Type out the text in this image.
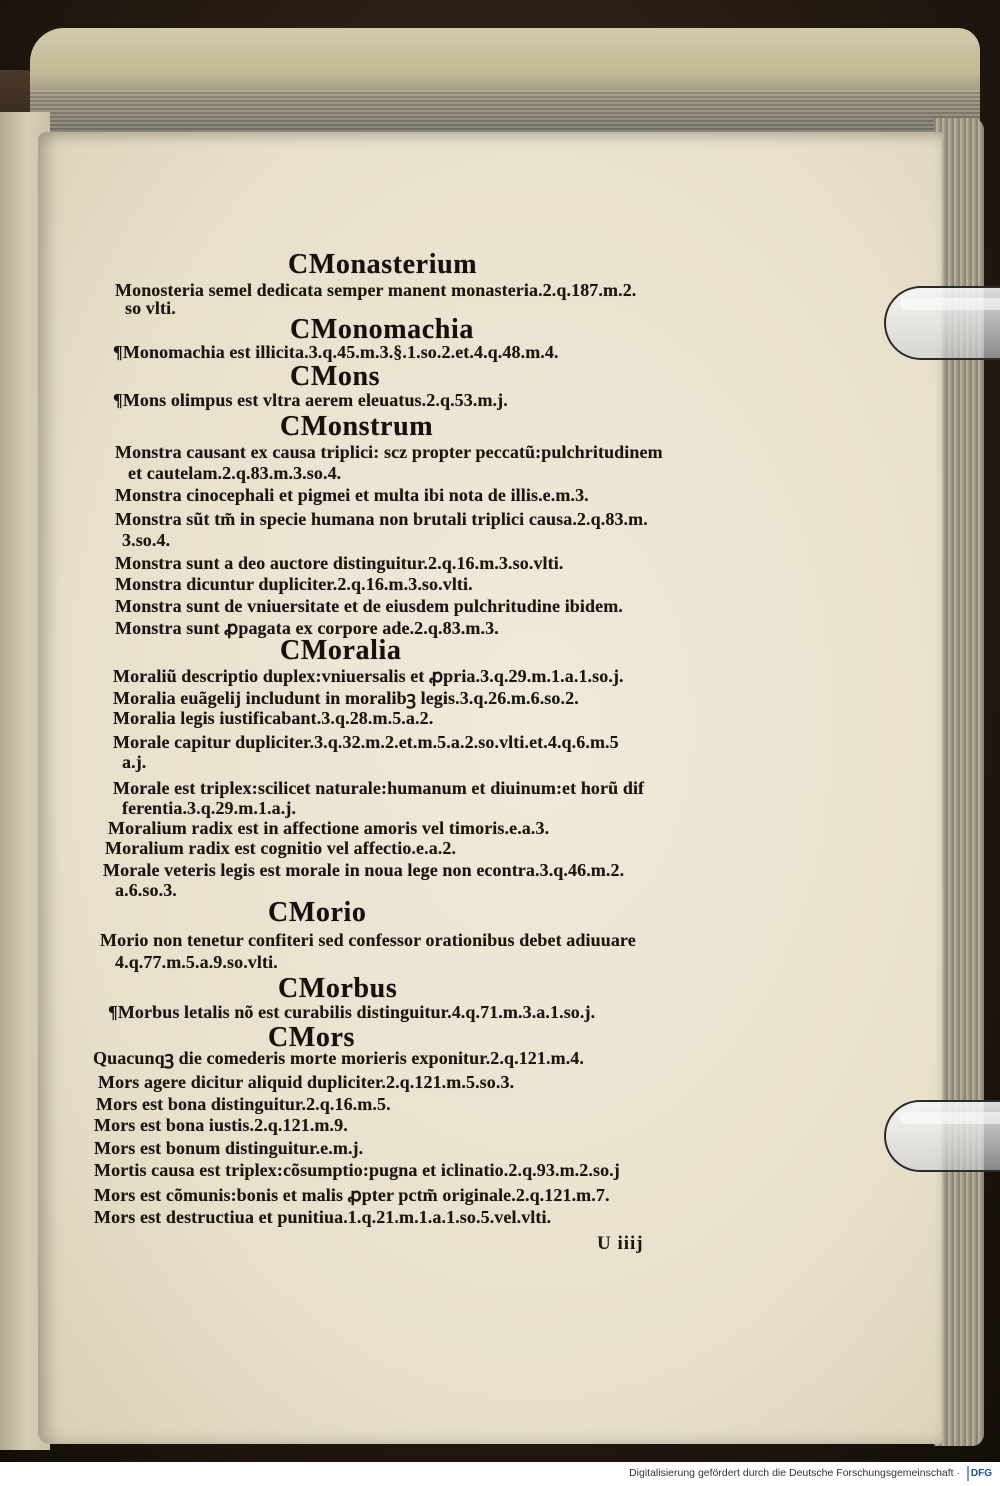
CMonasterium
Monosteria semel dedicata semper manent monasteria.2.q.187.m.2.
so vlti.
CMonomachia
¶Monomachia est illicita.3.q.45.m.3.§.1.so.2.et.4.q.48.m.4.
CMons
¶Mons olimpus est vltra aerem eleuatus.2.q.53.m.j.
CMonstrum
Monstra causant ex causa triplici: scz propter peccatũ:pulchritudinem
et cautelam.2.q.83.m.3.so.4.
Monstra cinocephali et pigmei et multa ibi nota de illis.e.m.3.
Monstra sũt tm̃ in specie humana non brutali triplici causa.2.q.83.m.
3.so.4.
Monstra sunt a deo auctore distinguitur.2.q.16.m.3.so.vlti.
Monstra dicuntur dupliciter.2.q.16.m.3.so.vlti.
Monstra sunt de vniuersitate et de eiusdem pulchritudine ibidem.
Monstra sunt ꝓpagata ex corpore ade.2.q.83.m.3.
CMoralia
Moraliũ descriptio duplex:vniuersalis et ꝓpria.3.q.29.m.1.a.1.so.j.
Moralia euãgelij includunt in moralibꝫ legis.3.q.26.m.6.so.2.
Moralia legis iustificabant.3.q.28.m.5.a.2.
Morale capitur dupliciter.3.q.32.m.2.et.m.5.a.2.so.vlti.et.4.q.6.m.5
a.j.
Morale est triplex:scilicet naturale:humanum et diuinum:et horũ dif
ferentia.3.q.29.m.1.a.j.
Moralium radix est in affectione amoris vel timoris.e.a.3.
Moralium radix est cognitio vel affectio.e.a.2.
Morale veteris legis est morale in noua lege non econtra.3.q.46.m.2.
a.6.so.3.
CMorio
Morio non tenetur confiteri sed confessor orationibus debet adiuuare
4.q.77.m.5.a.9.so.vlti.
CMorbus
¶Morbus letalis nõ est curabilis distinguitur.4.q.71.m.3.a.1.so.j.
CMors
Quacunqꝫ die comederis morte morieris exponitur.2.q.121.m.4.
Mors agere dicitur aliquid dupliciter.2.q.121.m.5.so.3.
Mors est bona distinguitur.2.q.16.m.5.
Mors est bona iustis.2.q.121.m.9.
Mors est bonum distinguitur.e.m.j.
Mortis causa est triplex:cõsumptio:pugna et iclinatio.2.q.93.m.2.so.j
Mors est cõmunis:bonis et malis ꝓpter pctm̃ originale.2.q.121.m.7.
Mors est destructiua et punitiua.1.q.21.m.1.a.1.so.5.vel.vlti.
U iiij
Digitalisierung gefördert durch die Deutsche Forschungsgemeinschaft ·	DFG
